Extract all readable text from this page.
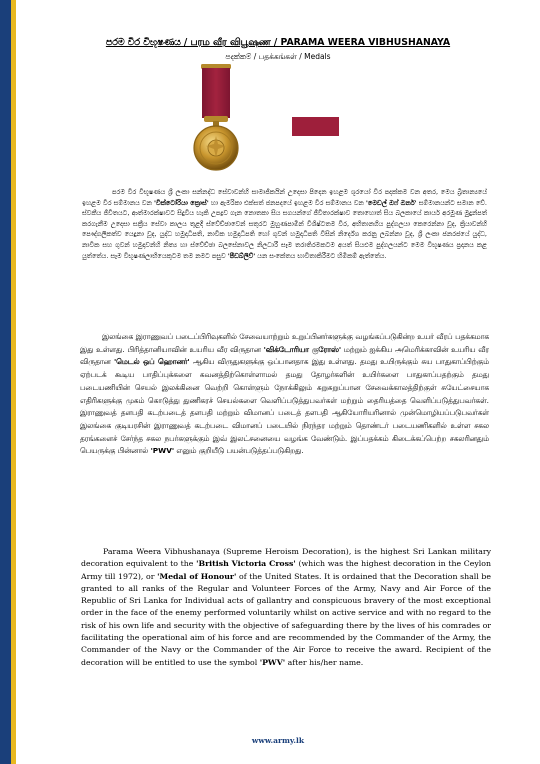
පරම වීර විභූෂණය / பரம வீர விபூஷண / PARAMA WEERA VIBHUSHANAYA
පදක්කම් / பதக்கங்கள் / Medals
පරම වීර විභූෂණය ශ්‍රී ලංකා සන්නද්ධ සේවාවන්හි සාමාජිකයින් උදෙසා පිදෙන ඉහළම ශූරයෝ වීර පදක්කම වන අතර, මෙය බ්‍රිතාන්‍යයේ ඉහළම වීර සම්මානය වන 'වික්ටෝරියා ක්‍රොස්' හා ඇමරිකා එක්සත් ජනපදයේ ඉහළම වීර සම්මානය වන 'මෙඩල් ඔෆ් ඔනර්' සම්මානයන්ට සමාන වේ. ස්වකීය ජීවිතයට, ආත්මාරක්ෂාවට සිදුවිය හැකි උපද්‍රව ගැන නොතකා සිය සගයන්ගේ ජීවිතාරක්ෂාව තොහොත් සිය බලකායේ කාර්ය අරමුණ මුදුන්පත් කරගැනීම උදෙසා සක්‍රීය සේවා කාලය තුළදී ස්වේච්ඡාවෙන් සතුරට මුහුණපාමින් විශිෂ්ටතම වීර, අභිතානගිය පුද්ගලයා කෙරෙන්නා වූද, ක්‍රියාවන්හි පෞද්ගලිකත්ව යෙදුනා වූද, යුද්ධ හමුදාධිපති, නාවික හමුදාධිපති හෝ ගුවන් හමුදාධිපති විසින් නිර්දේශ කරනු ලබන්නා වූද, ශ්‍රී ලංකා ජනරජයේ යුද්ධ, නාවික සහ ගුවන් හමුදාවන්හි නිත්‍ය හා ස්වේච්ඡා බලසේනාවල නිලධාරී සෑම තරාතිරමකටම අයත් සියළුම පුද්ගලයන්ට මෙම විභූෂණය ප්‍රදානය කළ යුත්තේය. සෑම විභූෂණලාභියෙකුටම තම නමට පසුව 'පීඩබ්ලිව්' යන සංකේතය භාවිතාකිරීමට හිමිකම් ඇත්තේය.
இலங்கை இராணுவப் படைப்பிரிவுகளில் சேவையாற்றும் உறுப்பினர்களுக்கு வழங்கப்படுகின்ற உயர் வீரப் பதக்கமாக இது உள்ளது. பிரித்தானியாவின் உயரிய வீர விருதான 'விக்டோரியா குரோஸ்' மற்றும் ஐக்கிய அமெரிக்காவின் உயரிய வீர விருதான 'மெடல் ஒப் ஹொனர்' ஆகிய விருதுகளுக்கு ஒப்பானதாக இது உள்ளது. தமது உயிருக்கும் சுய பாதுகாப்பிற்கும் ஏற்படக் கூடிய பாதிப்புக்களை கவனத்திற்கொள்ளாமல் தமது தோழர்களின் உயிர்களை பாதுகாப்பதற்கும் தமது படையணியின் செயல் இலக்கினை வெற்றி கொள்ளும் நோக்கிலும் சுறுசுறுப்பான சேவைக்காலத்திற்குள் சுயேட்சையாக எதிரிகளுக்கு முகம் கொடுத்து துணிகரச் செயல்களை வெளிப்படுத்துபவர்கள் மற்றும் தைரியத்தை வெளிப்படுத்துபவர்கள். இராணுவத் தளபதி கடற்படைத் தளபதி மற்றும் விமானப் படைத் தளபதி ஆகியோரியரினால் முன்மொழியப்படுபவர்கள் இலங்கை குடியரசின் இராணுவத் கடற்படை விமானப் படையில் நிரந்தர மற்றும் தொண்டர் படையணிகளில் உள்ள சகல தரங்களைச் சேர்ந்த சகல நபர்களுக்கும் இவ் இலட்சனையை வழங்க வேண்டும். இப்பதக்கம் கிடைக்கப்பெற்ற சகலரினதும் பெயருக்கு பின்னால் 'PWV' எனும் குறியீடு பயன்படுத்தப்படுகிறது.
Parama Weera Vibhushanaya (Supreme Heroism Decoration), is the highest Sri Lankan military decoration equivalent to the 'British Victoria Cross' (which was the highest decoration in the Ceylon Army till 1972), or 'Medal of Honour' of the United States. It is ordained that the Decoration shall be granted to all ranks of the Regular and Volunteer Forces of the Army, Navy and Air Force of the Republic of Sri Lanka for Individual acts of gallantry and conspicuous bravery of the most exceptional order in the face of the enemy performed voluntarily whilst on active service and with no regard to the risk of his own life and security with the objective of safeguarding there by the lives of his comrades or facilitating the operational aim of his force and are recommended by the Commander of the Army, the Commander of the Navy or the Commander of the Air Force to receive the award. Recipient of the decoration will be entitled to use the symbol 'PWV' after his/her name.
www.army.lk
